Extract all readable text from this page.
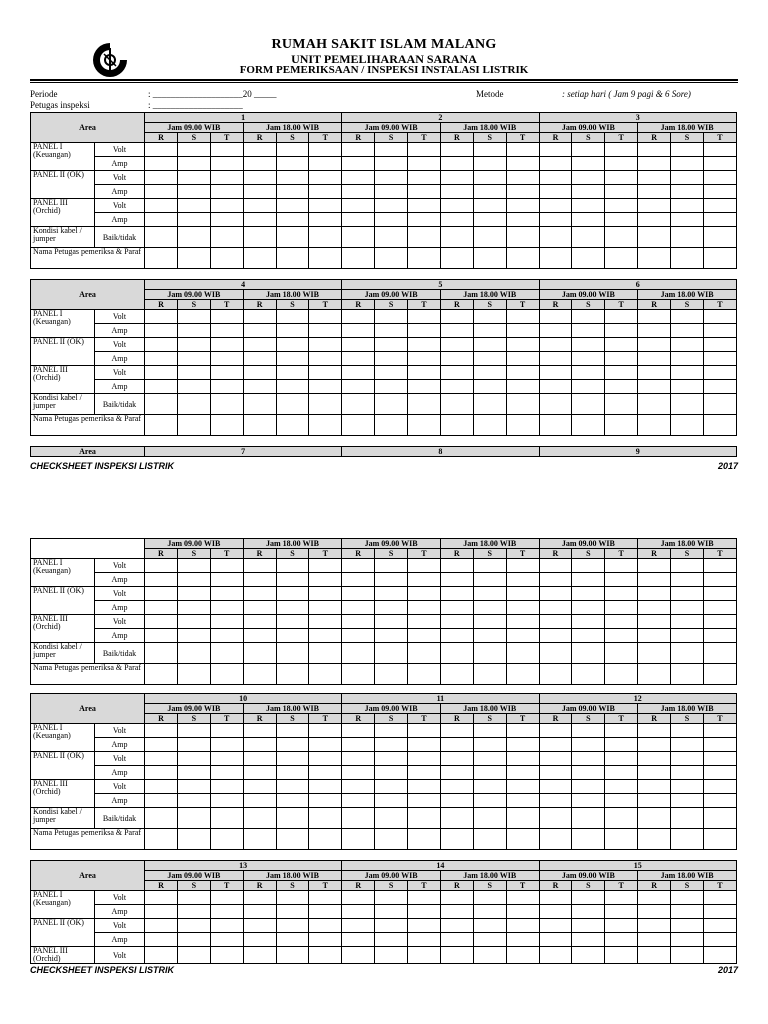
RUMAH SAKIT ISLAM MALANG
UNIT PEMELIHARAAN SARANA
FORM PEMERIKSAAN / INSPEKSI INSTALASI LISTRIK
Periode	: ____________________20 _____
Petugas inspeksi	: ____________________
Metode	: setiap hari ( Jam 9 pagi & 6 Sore)
Area		1						2						3					
		Jam 09.00 WIB			Jam 18.00 WIB			Jam 09.00 WIB			Jam 18.00 WIB			Jam 09.00 WIB			Jam 18.00 WIB		
		R	S	T	R	S	T	R	S	T	R	S	T	R	S	T	R	S	T
PANEL I (Keuangan)	Volt																		
	Amp																		
PANEL II (OK)	Volt																		
	Amp																		
PANEL III (Orchid)	Volt																		
	Amp																		
Kondisi kabel / jumper	Baik/tidak																		
Nama Petugas pemeriksa & Paraf																			
Area		4						5						6					
		Jam 09.00 WIB			Jam 18.00 WIB			Jam 09.00 WIB			Jam 18.00 WIB			Jam 09.00 WIB			Jam 18.00 WIB		
		R	S	T	R	S	T	R	S	T	R	S	T	R	S	T	R	S	T
PANEL I (Keuangan)	Volt																		
	Amp																		
PANEL II (OK)	Volt																		
	Amp																		
PANEL III (Orchid)	Volt																		
	Amp																		
Kondisi kabel / jumper	Baik/tidak																		
Nama Petugas pemeriksa & Paraf																			
Area	7	8	9
CHECKSHEET INSPEKSI LISTRIK	2017
		Jam 09.00 WIB			Jam 18.00 WIB			Jam 09.00 WIB			Jam 18.00 WIB			Jam 09.00 WIB			Jam 18.00 WIB		
		R	S	T	R	S	T	R	S	T	R	S	T	R	S	T	R	S	T
PANEL I (Keuangan)	Volt																		
	Amp																		
PANEL II (OK)	Volt																		
	Amp																		
PANEL III (Orchid)	Volt																		
	Amp																		
Kondisi kabel / jumper	Baik/tidak																		
Nama Petugas pemeriksa & Paraf																			
Area		10						11						12					
		Jam 09.00 WIB			Jam 18.00 WIB			Jam 09.00 WIB			Jam 18.00 WIB			Jam 09.00 WIB			Jam 18.00 WIB		
		R	S	T	R	S	T	R	S	T	R	S	T	R	S	T	R	S	T
PANEL I (Keuangan)	Volt																		
	Amp																		
PANEL II (OK)	Volt																		
	Amp																		
PANEL III (Orchid)	Volt																		
	Amp																		
Kondisi kabel / jumper	Baik/tidak																		
Nama Petugas pemeriksa & Paraf																			
Area		13						14						15					
		Jam 09.00 WIB			Jam 18.00 WIB			Jam 09.00 WIB			Jam 18.00 WIB			Jam 09.00 WIB			Jam 18.00 WIB		
		R	S	T	R	S	T	R	S	T	R	S	T	R	S	T	R	S	T
PANEL I (Keuangan)	Volt																		
	Amp																		
PANEL II (OK)	Volt																		
	Amp																		
PANEL III (Orchid)	Volt																		
CHECKSHEET INSPEKSI LISTRIK	2017
